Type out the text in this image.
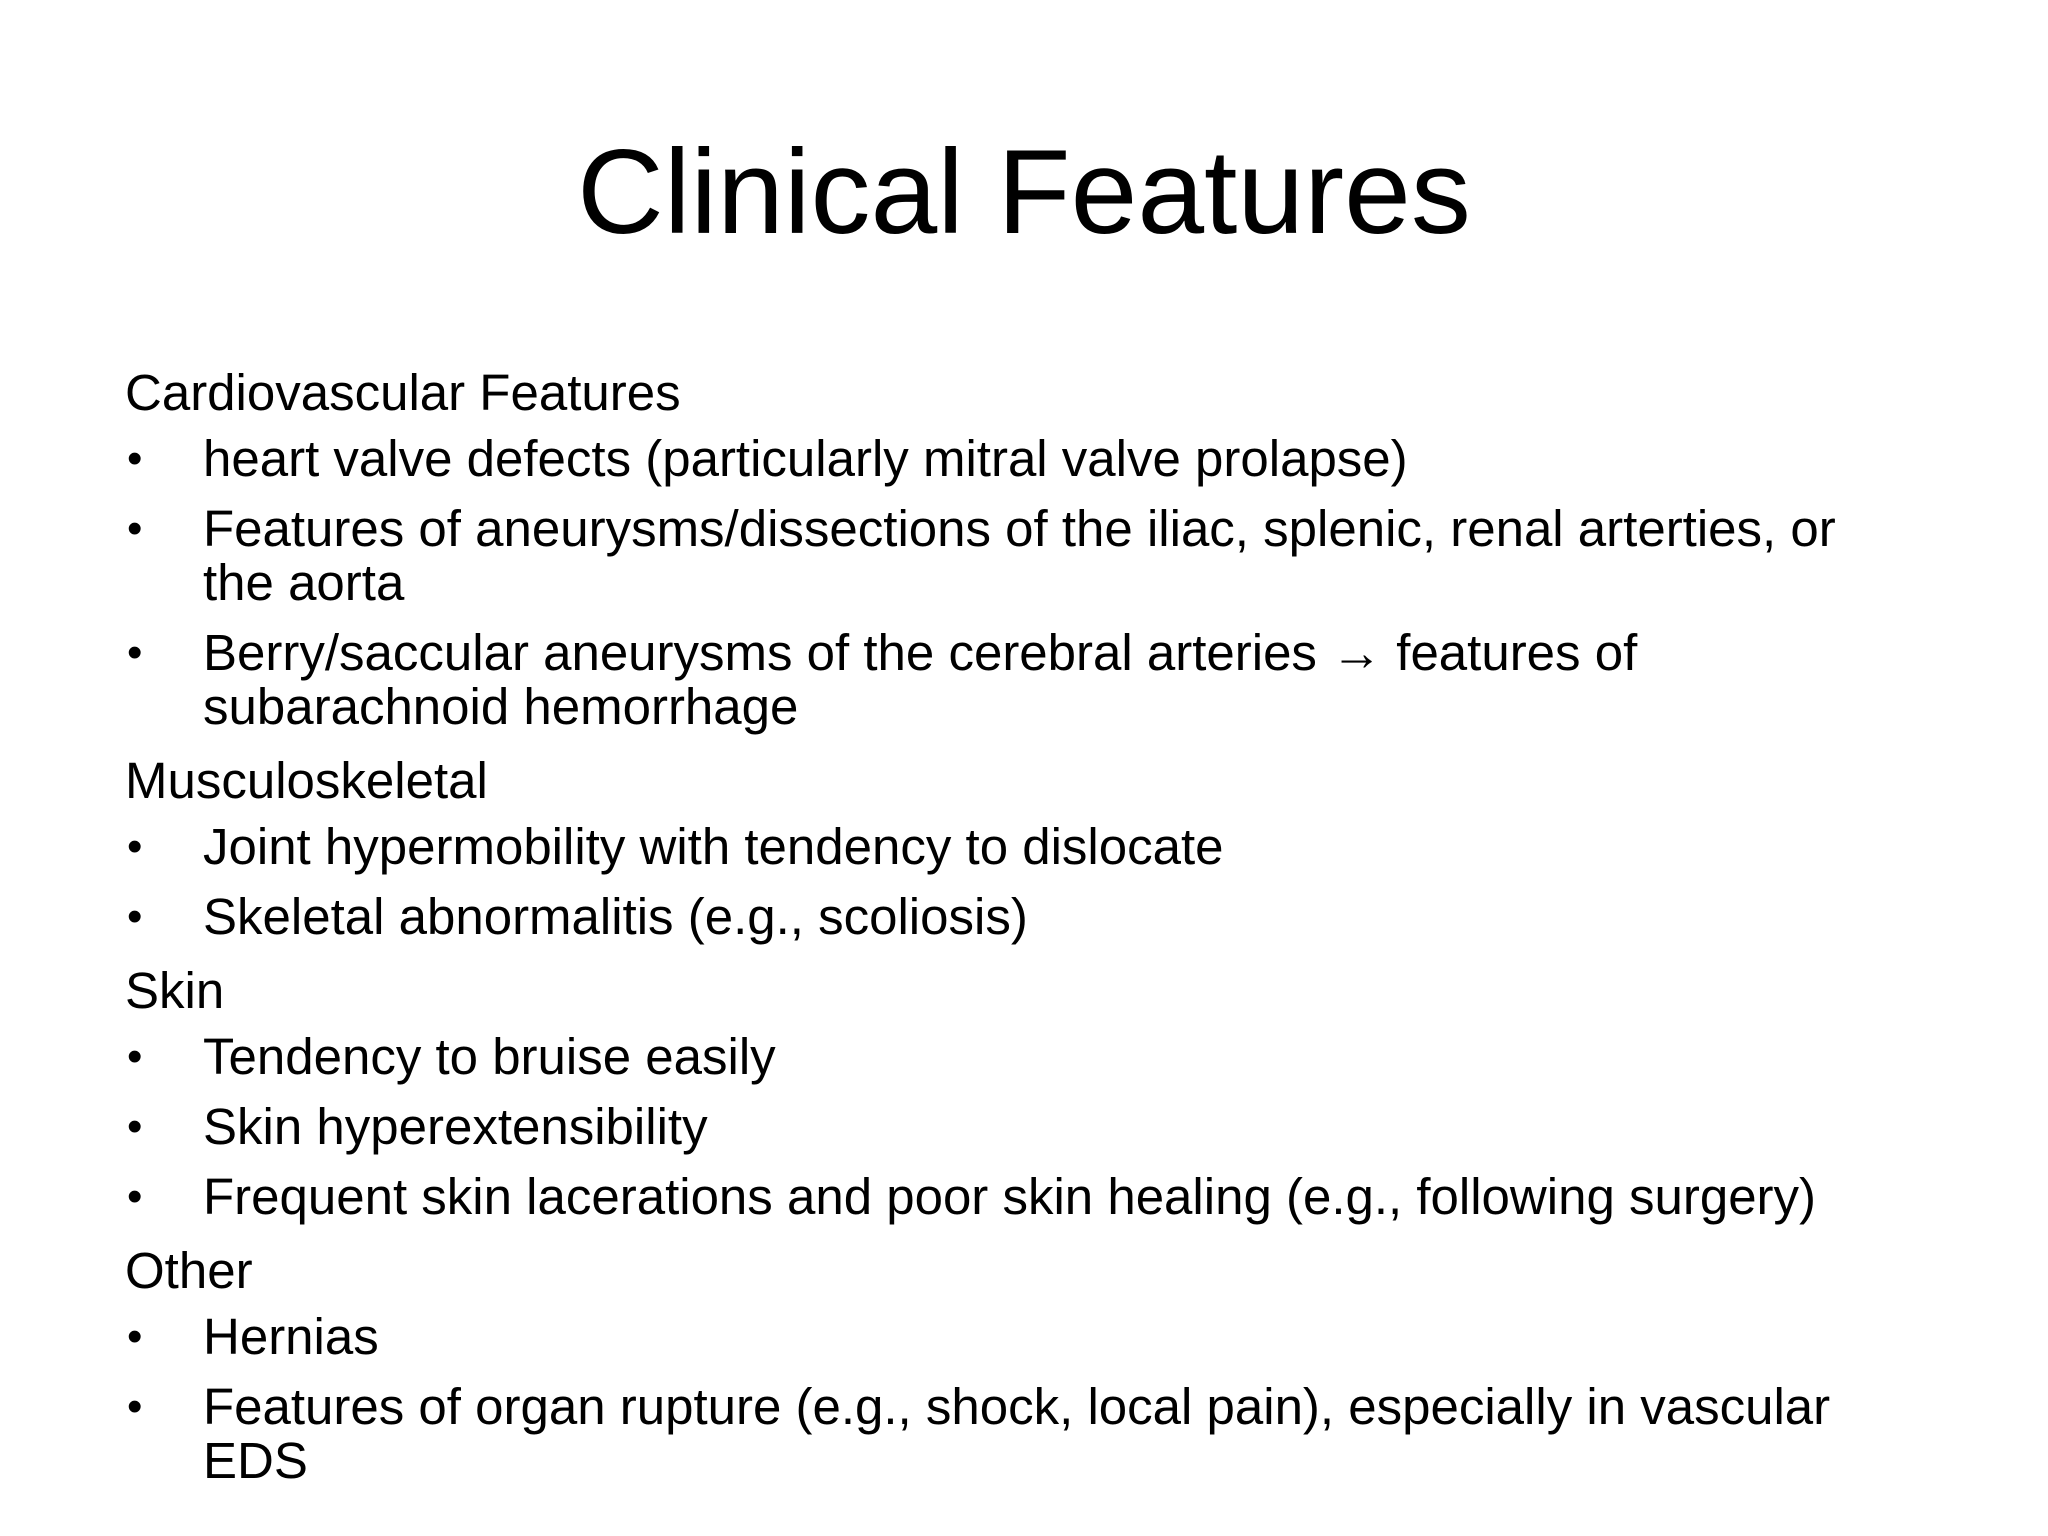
Clinical Features
Cardiovascular Features
• heart valve defects (particularly mitral valve prolapse)
• Features of aneurysms/dissections of the iliac, splenic, renal arterties, or the aorta
• Berry/saccular aneurysms of the cerebral arteries → features of subarachnoid hemorrhage
Musculoskeletal
• Joint hypermobility with tendency to dislocate
• Skeletal abnormalitis (e.g., scoliosis)
Skin
• Tendency to bruise easily
• Skin hyperextensibility
• Frequent skin lacerations and poor skin healing (e.g., following surgery)
Other
• Hernias
• Features of organ rupture (e.g., shock, local pain), especially in vascular EDS
